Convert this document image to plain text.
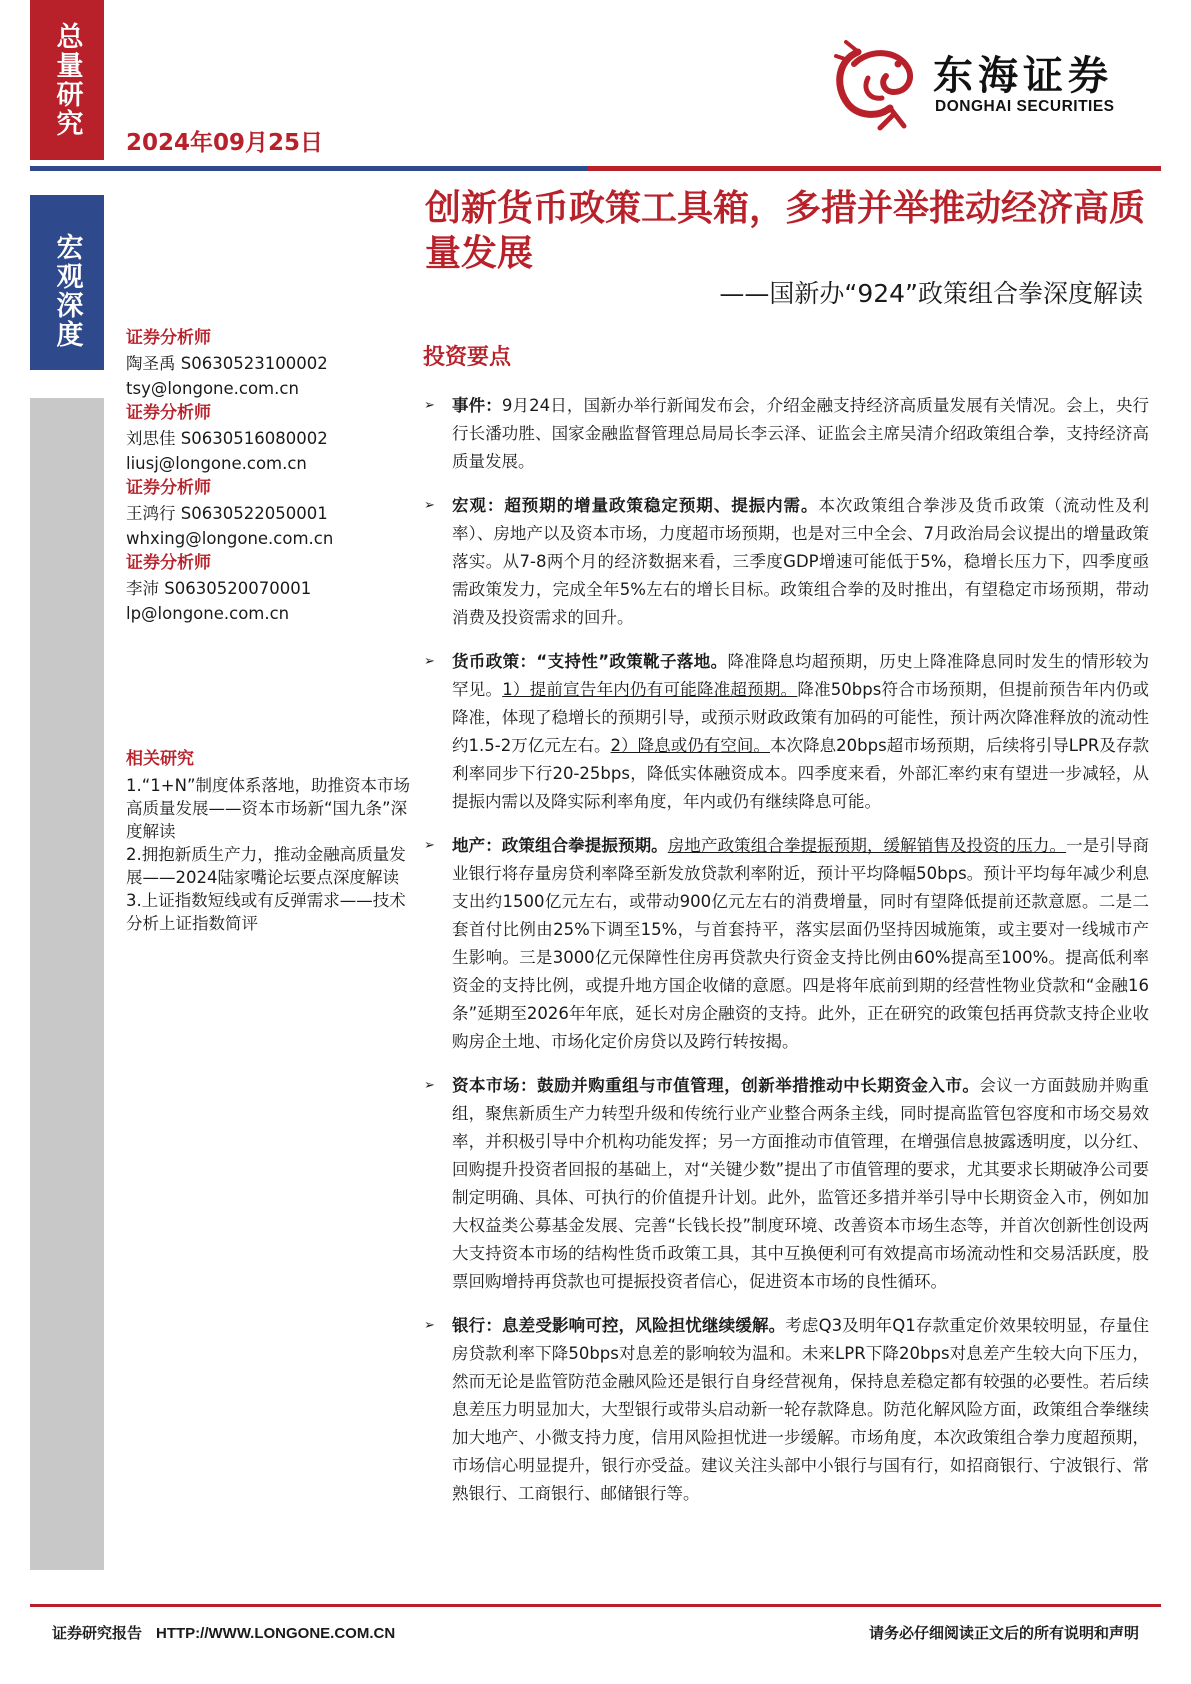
总量研究
宏观深度
2024年09月25日
东海证券
DONGHAI SECURITIES
创新货币政策工具箱，多措并举推动经济高质量发展
——国新办“924”政策组合拳深度解读
证券分析师
陶圣禹 S0630523100002
tsy@longone.com.cn
证券分析师
刘思佳 S0630516080002
liusj@longone.com.cn
证券分析师
王鸿行 S0630522050001
whxing@longone.com.cn
证券分析师
李沛 S0630520070001
lp@longone.com.cn
相关研究
1.“1+N”制度体系落地，助推资本市场高质量发展——资本市场新“国九条”深度解读
2.拥抱新质生产力，推动金融高质量发展——2024陆家嘴论坛要点深度解读
3.上证指数短线或有反弹需求——技术分析上证指数简评
投资要点
➢ 事件：9月24日，国新办举行新闻发布会，介绍金融支持经济高质量发展有关情况。会上，央行行长潘功胜、国家金融监督管理总局局长李云泽、证监会主席吴清介绍政策组合拳，支持经济高质量发展。
➢ 宏观：超预期的增量政策稳定预期、提振内需。本次政策组合拳涉及货币政策（流动性及利率）、房地产以及资本市场，力度超市场预期，也是对三中全会、7月政治局会议提出的增量政策落实。从7-8两个月的经济数据来看，三季度GDP增速可能低于5%，稳增长压力下，四季度亟需政策发力，完成全年5%左右的增长目标。政策组合拳的及时推出，有望稳定市场预期，带动消费及投资需求的回升。
➢ 货币政策：“支持性”政策靴子落地。降准降息均超预期，历史上降准降息同时发生的情形较为罕见。1）提前宣告年内仍有可能降准超预期。降准50bps符合市场预期，但提前预告年内仍或降准，体现了稳增长的预期引导，或预示财政政策有加码的可能性，预计两次降准释放的流动性约1.5-2万亿元左右。2）降息或仍有空间。本次降息20bps超市场预期，后续将引导LPR及存款利率同步下行20-25bps，降低实体融资成本。四季度来看，外部汇率约束有望进一步减轻，从提振内需以及降实际利率角度，年内或仍有继续降息可能。
➢ 地产：政策组合拳提振预期。房地产政策组合拳提振预期，缓解销售及投资的压力。一是引导商业银行将存量房贷利率降至新发放贷款利率附近，预计平均降幅50bps。预计平均每年减少利息支出约1500亿元左右，或带动900亿元左右的消费增量，同时有望降低提前还款意愿。二是二套首付比例由25%下调至15%，与首套持平，落实层面仍坚持因城施策，或主要对一线城市产生影响。三是3000亿元保障性住房再贷款央行资金支持比例由60%提高至100%。提高低利率资金的支持比例，或提升地方国企收储的意愿。四是将年底前到期的经营性物业贷款和“金融16条”延期至2026年年底，延长对房企融资的支持。此外，正在研究的政策包括再贷款支持企业收购房企土地、市场化定价房贷以及跨行转按揭。
➢ 资本市场：鼓励并购重组与市值管理，创新举措推动中长期资金入市。会议一方面鼓励并购重组，聚焦新质生产力转型升级和传统行业产业整合两条主线，同时提高监管包容度和市场交易效率，并积极引导中介机构功能发挥；另一方面推动市值管理，在增强信息披露透明度，以分红、回购提升投资者回报的基础上，对“关键少数”提出了市值管理的要求，尤其要求长期破净公司要制定明确、具体、可执行的价值提升计划。此外，监管还多措并举引导中长期资金入市，例如加大权益类公募基金发展、完善“长钱长投”制度环境、改善资本市场生态等，并首次创新性创设两大支持资本市场的结构性货币政策工具，其中互换便利可有效提高市场流动性和交易活跃度，股票回购增持再贷款也可提振投资者信心，促进资本市场的良性循环。
➢ 银行：息差受影响可控，风险担忧继续缓解。考虑Q3及明年Q1存款重定价效果较明显，存量住房贷款利率下降50bps对息差的影响较为温和。未来LPR下降20bps对息差产生较大向下压力，然而无论是监管防范金融风险还是银行自身经营视角，保持息差稳定都有较强的必要性。若后续息差压力明显加大，大型银行或带头启动新一轮存款降息。防范化解风险方面，政策组合拳继续加大地产、小微支持力度，信用风险担忧进一步缓解。市场角度，本次政策组合拳力度超预期，市场信心明显提升，银行亦受益。建议关注头部中小银行与国有行，如招商银行、宁波银行、常熟银行、工商银行、邮储银行等。
证券研究报告 HTTP://WWW.LONGONE.COM.CN	请务必仔细阅读正文后的所有说明和声明
